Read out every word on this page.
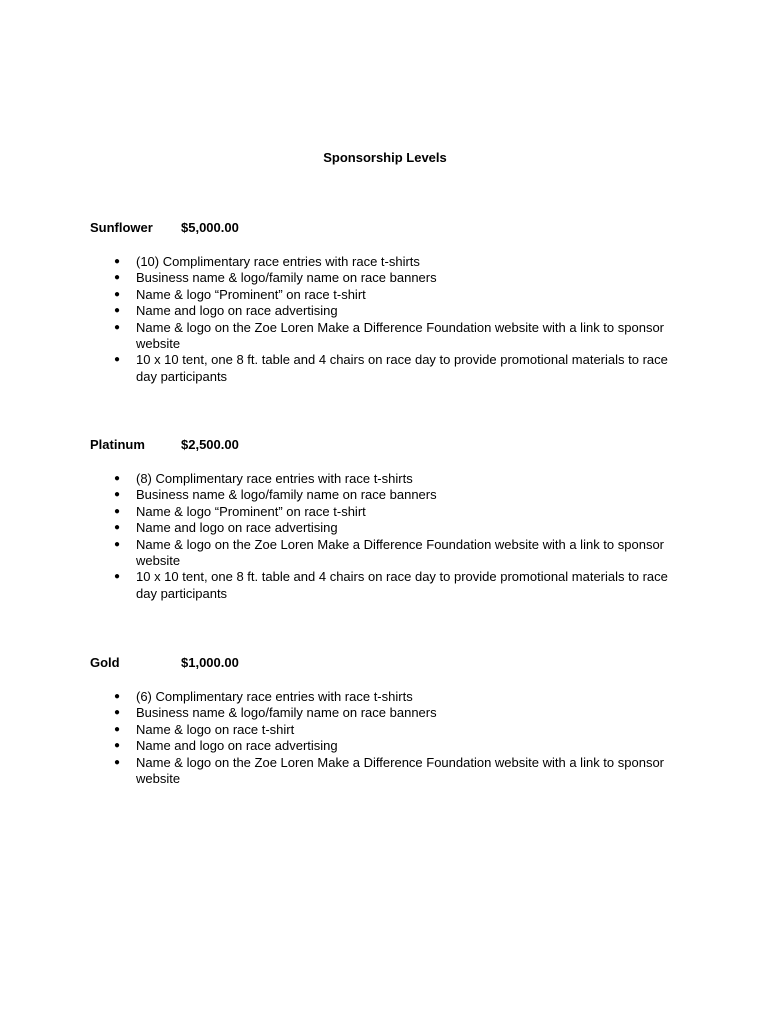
Sponsorship Levels
Sunflower $5,000.00
● (10) Complimentary race entries with race t-shirts
● Business name & logo/family name on race banners
● Name & logo “Prominent” on race t-shirt
● Name and logo on race advertising
● Name & logo on the Zoe Loren Make a Difference Foundation website with a link to sponsor website
● 10 x 10 tent, one 8 ft. table and 4 chairs on race day to provide promotional materials to race day participants
Platinum	$2,500.00
● (8) Complimentary race entries with race t-shirts
● Business name & logo/family name on race banners
● Name & logo “Prominent” on race t-shirt
● Name and logo on race advertising
● Name & logo on the Zoe Loren Make a Difference Foundation website with a link to sponsor website
● 10 x 10 tent, one 8 ft. table and 4 chairs on race day to provide promotional materials to race day participants
Gold	$1,000.00
● (6) Complimentary race entries with race t-shirts
● Business name & logo/family name on race banners
● Name & logo on race t-shirt
● Name and logo on race advertising
● Name & logo on the Zoe Loren Make a Difference Foundation website with a link to sponsor website
